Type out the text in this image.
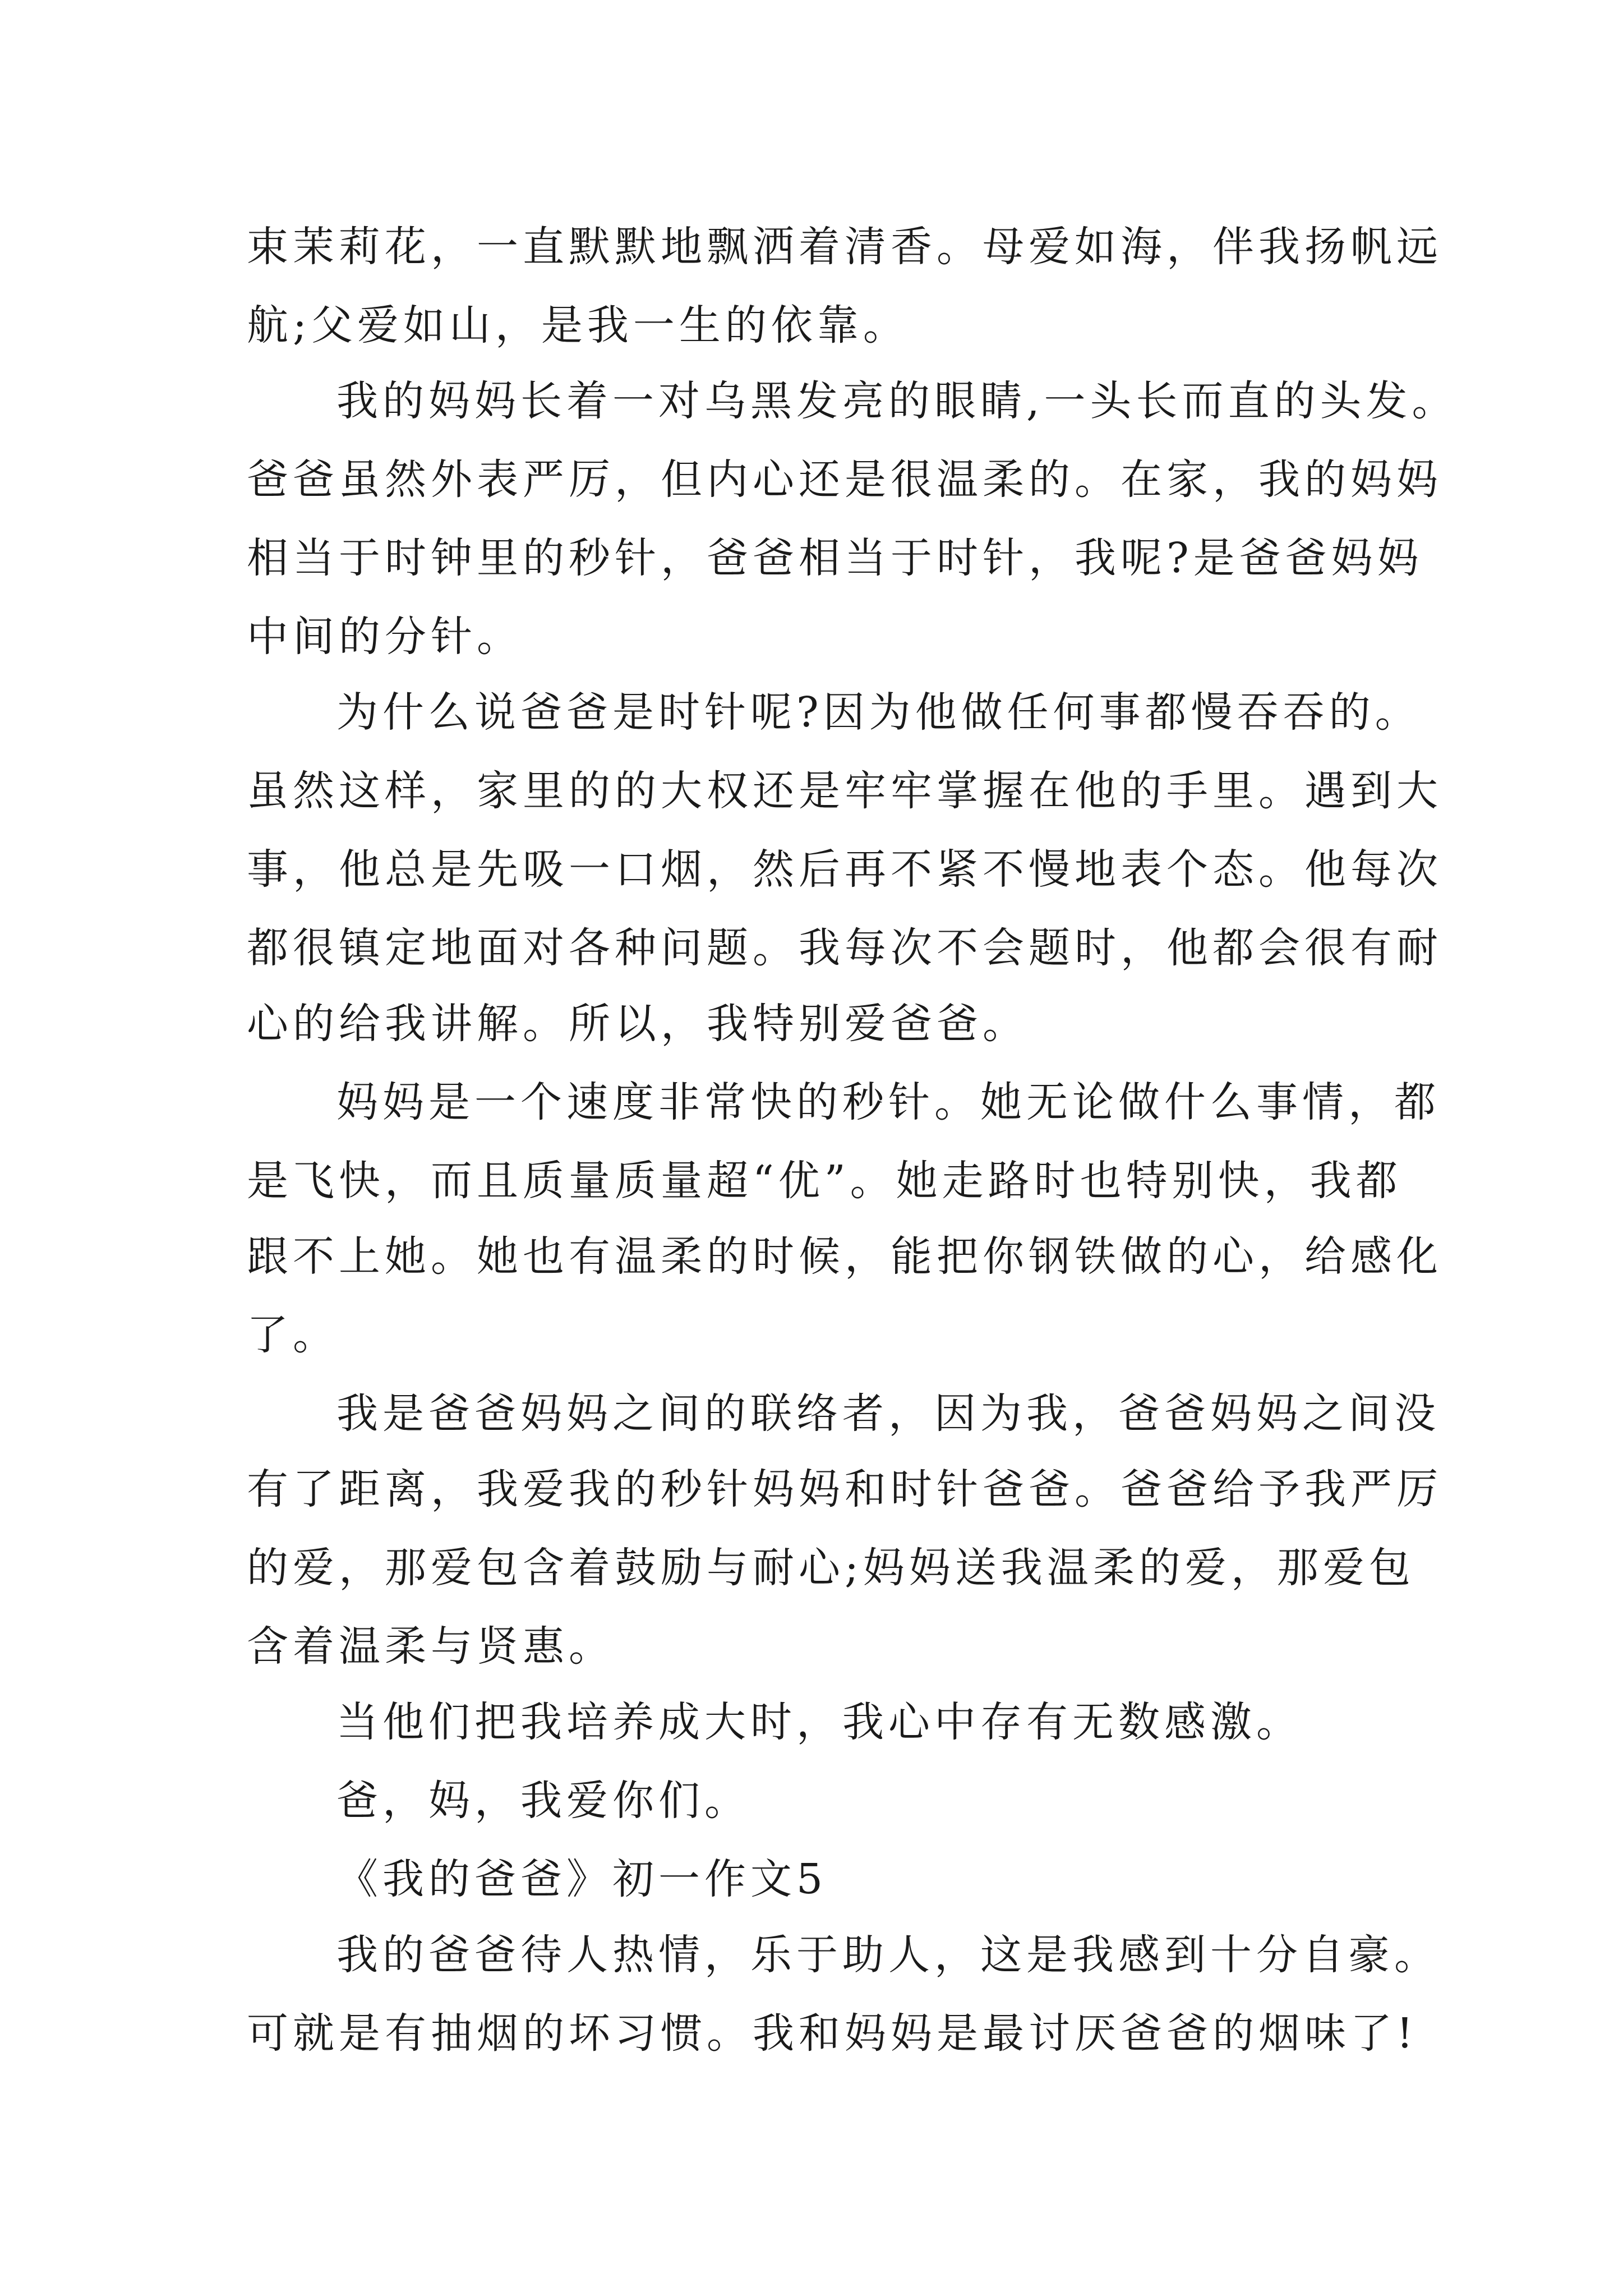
束茉莉花，一直默默地飘洒着清香。母爱如海，伴我扬帆远
航;父爱如山，是我一生的依靠。
我的妈妈长着一对乌黑发亮的眼睛,一头长而直的头发。
爸爸虽然外表严厉，但内心还是很温柔的。在家，我的妈妈
相当于时钟里的秒针，爸爸相当于时针，我呢?是爸爸妈妈
中间的分针。
为什么说爸爸是时针呢?因为他做任何事都慢吞吞的。
虽然这样，家里的的大权还是牢牢掌握在他的手里。遇到大
事，他总是先吸一口烟，然后再不紧不慢地表个态。他每次
都很镇定地面对各种问题。我每次不会题时，他都会很有耐
心的给我讲解。所以，我特别爱爸爸。
妈妈是一个速度非常快的秒针。她无论做什么事情，都
是飞快，而且质量质量超“优”。她走路时也特别快，我都
跟不上她。她也有温柔的时候，能把你钢铁做的心，给感化
了。
我是爸爸妈妈之间的联络者，因为我，爸爸妈妈之间没
有了距离，我爱我的秒针妈妈和时针爸爸。爸爸给予我严厉
的爱，那爱包含着鼓励与耐心;妈妈送我温柔的爱，那爱包
含着温柔与贤惠。
当他们把我培养成大时，我心中存有无数感激。
爸，妈，我爱你们。
《我的爸爸》初一作文5
我的爸爸待人热情，乐于助人，这是我感到十分自豪。
可就是有抽烟的坏习惯。我和妈妈是最讨厌爸爸的烟味了!
